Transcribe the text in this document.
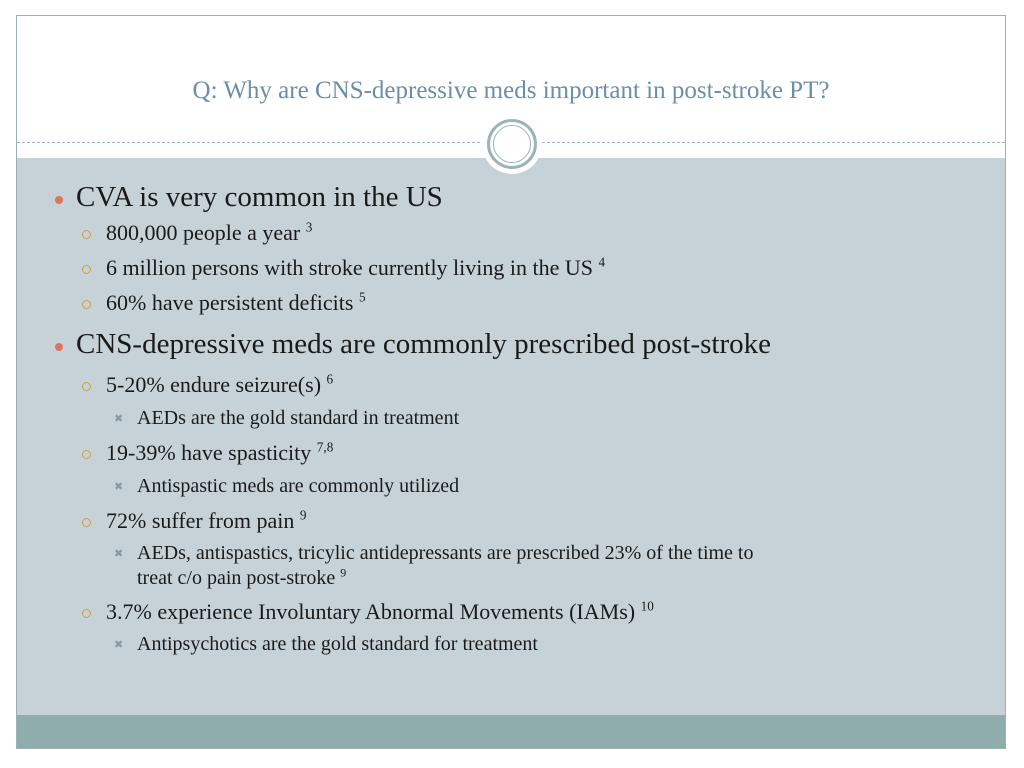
Q: Why are CNS-depressive meds important in post-stroke PT?
CVA is very common in the US
800,000 people a year $^3$
6 million persons with stroke currently living in the US $^4$
60% have persistent deficits $^5$
CNS-depressive meds are commonly prescribed post-stroke
5-20% endure seizure(s) $^6$
✖ AEDs are the gold standard in treatment
19-39% have spasticity $^{7,8}$
✖ Antispastic meds are commonly utilized
72% suffer from pain $^9$
✖ AEDs, antispastics, tricylic antidepressants are prescribed 23% of the time to
treat c/o pain post-stroke $^9$
3.7% experience Involuntary Abnormal Movements (IAMs) $^{10}$
✖ Antipsychotics are the gold standard for treatment
